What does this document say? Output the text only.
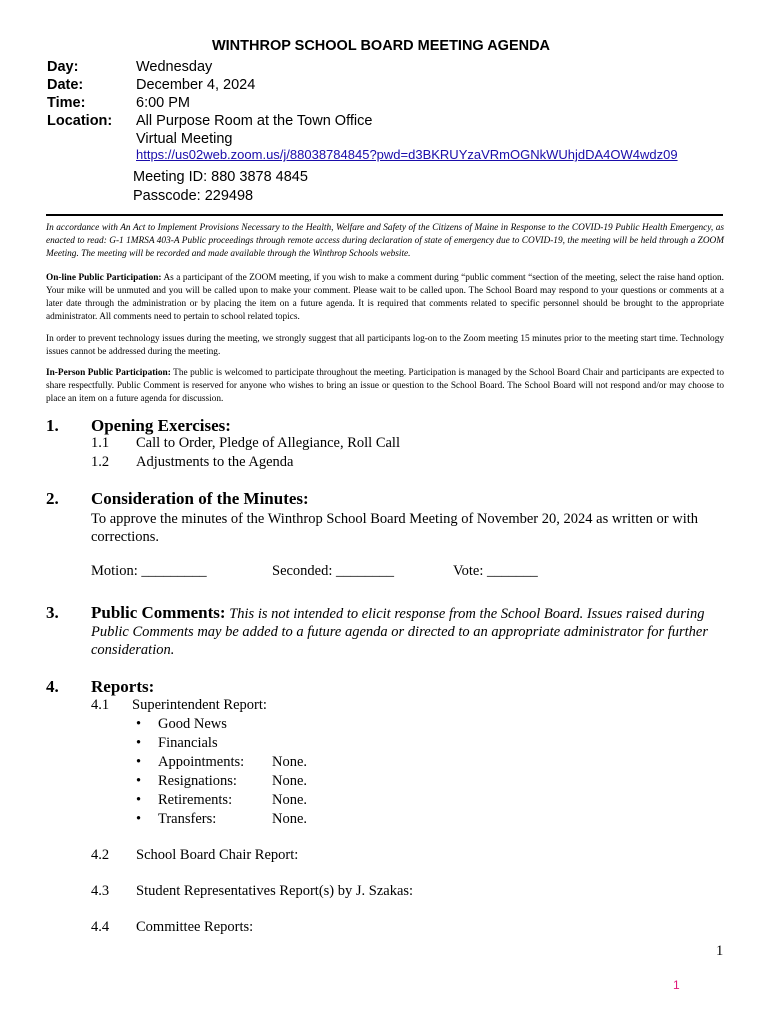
WINTHROP SCHOOL BOARD MEETING AGENDA
Day:	Wednesday
Date:	December 4, 2024
Time:	6:00 PM
Location: All Purpose Room at the Town Office
Virtual Meeting
https://us02web.zoom.us/j/88038784845?pwd=d3BKRUYzaVRmOGNkWUhjdDA4OW4wdz09
Meeting ID: 880 3878 4845
Passcode: 229498
In accordance with An Act to Implement Provisions Necessary to the Health, Welfare and Safety of the Citizens of Maine in Response to the COVID-19 Public Health Emergency, as enacted to read: G-1 1MRSA 403-A Public proceedings through remote access during declaration of state of emergency due to COVID-19, the meeting will be held through a ZOOM Meeting. The meeting will be recorded and made available through the Winthrop Schools website.
On-line Public Participation: As a participant of the ZOOM meeting, if you wish to make a comment during “public comment “section of the meeting, select the raise hand option. Your mike will be unmuted and you will be called upon to make your comment. Please wait to be called upon. The School Board may respond to your questions or comments at a later date through the administration or by placing the item on a future agenda. It is required that comments related to specific personnel should be brought to the appropriate administrator. All comments need to pertain to school related topics.
In order to prevent technology issues during the meeting, we strongly suggest that all participants log-on to the Zoom meeting 15 minutes prior to the meeting start time. Technology issues cannot be addressed during the meeting.
In-Person Public Participation: The public is welcomed to participate throughout the meeting. Participation is managed by the School Board Chair and participants are expected to share respectfully. Public Comment is reserved for anyone who wishes to bring an issue or question to the School Board. The School Board will not respond and/or may choose to place an item on a future agenda for discussion.
1. Opening Exercises:
1.1 Call to Order, Pledge of Allegiance, Roll Call
1.2 Adjustments to the Agenda
2. Consideration of the Minutes:
To approve the minutes of the Winthrop School Board Meeting of November 20, 2024 as written or with corrections.
Motion: _________	Seconded: ________	Vote: _______
3. Public Comments: This is not intended to elicit response from the School Board. Issues raised during Public Comments may be added to a future agenda or directed to an appropriate administrator for further consideration.
4. Reports:
4.1 Superintendent Report:
• Good News
• Financials
• Appointments: None.
• Resignations: None.
• Retirements:	None.
• Transfers:	None.
4.2 School Board Chair Report:
4.3 Student Representatives Report(s) by J. Szakas:
4.4 Committee Reports:
1
1
